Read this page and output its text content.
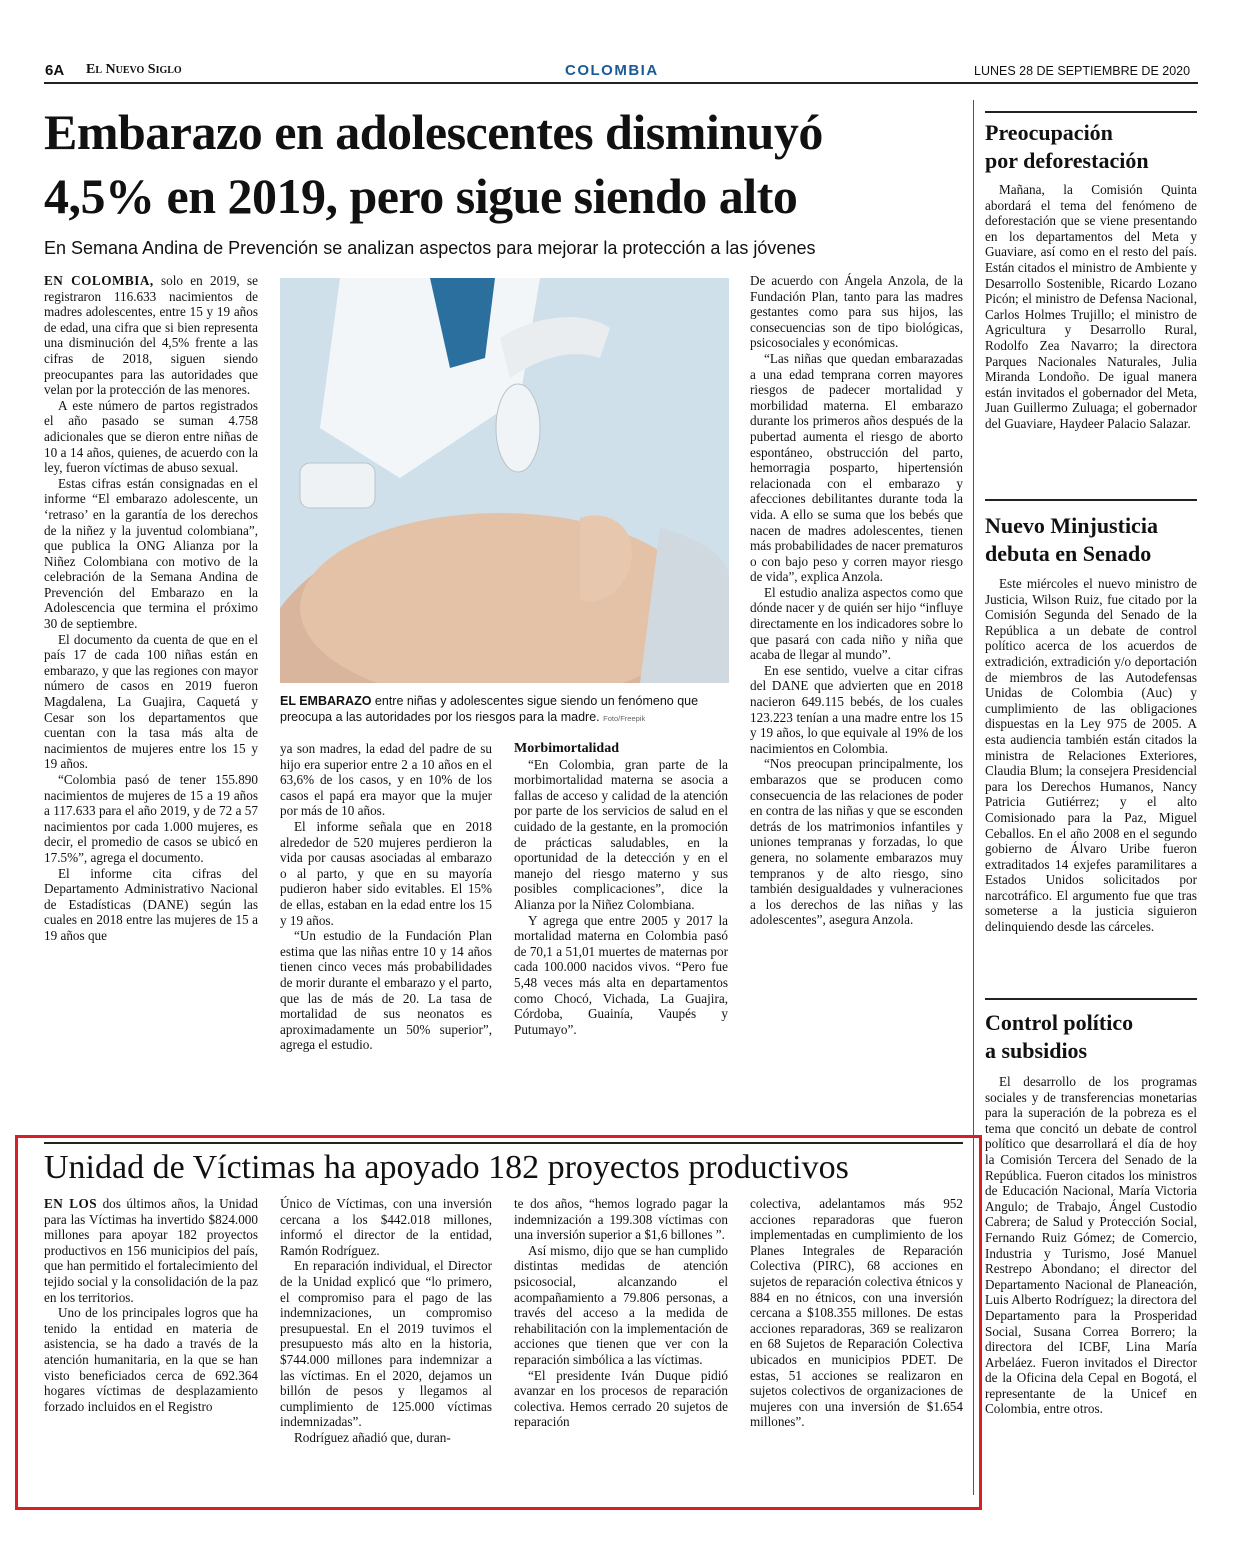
6A El Nuevo Siglo	COLOMBIA	LUNES 28 DE SEPTIEMBRE DE 2020
Embarazo en adolescentes disminuyó
4,5% en 2019, pero sigue siendo alto
En Semana Andina de Prevención se analizan aspectos para mejorar la protección a las jóvenes

EN COLOMBIA, solo en 2019, se registraron 116.633 nacimientos de madres adolescentes, entre 15 y 19 años de edad, una cifra que si bien representa una disminución del 4,5% frente a las cifras de 2018, siguen siendo preocupantes para las autoridades que velan por la protección de las menores.

A este número de partos registrados el año pasado se suman 4.758 adicionales que se dieron entre niñas de 10 a 14 años, quienes, de acuerdo con la ley, fueron víctimas de abuso sexual.

Estas cifras están consignadas en el informe “El embarazo adolescente, un ‘retraso’ en la garantía de los derechos de la niñez y la juventud colombiana”, que publica la ONG Alianza por la Niñez Colombiana con motivo de la celebración de la Semana Andina de Prevención del Embarazo en la Adolescencia que termina el próximo 30 de septiembre.

El documento da cuenta de que en el país 17 de cada 100 niñas están en embarazo, y que las regiones con mayor número de casos en 2019 fueron Magdalena, La Guajira, Caquetá y Cesar son los departamentos que cuentan con la tasa más alta de nacimientos de mujeres entre los 15 y 19 años.

“Colombia pasó de tener 155.890 nacimientos de mujeres de 15 a 19 años a 117.633 para el año 2019, y de 72 a 57 nacimientos por cada 1.000 mujeres, es decir, el promedio de casos se ubicó en 17.5%”, agrega el documento.

El informe cita cifras del Departamento Administrativo Nacional de Estadísticas (DANE) según las cuales en 2018 entre las mujeres de 15 a 19 años que

EL EMBARAZO entre niñas y adolescentes sigue siendo un fenómeno que preocupa a las autoridades por los riesgos para la madre. Foto/Freepik

ya son madres, la edad del padre de su hijo era superior entre 2 a 10 años en el 63,6% de los casos, y en 10% de los casos el papá era mayor que la mujer por más de 10 años.

El informe señala que en 2018 alrededor de 520 mujeres perdieron la vida por causas asociadas al embarazo o al parto, y que en su mayoría pudieron haber sido evitables. El 15% de ellas, estaban en la edad entre los 15 y 19 años.

“Un estudio de la Fundación Plan estima que las niñas entre 10 y 14 años tienen cinco veces más probabilidades de morir durante el embarazo y el parto, que las de más de 20. La tasa de mortalidad de sus neonatos es aproximadamente un 50% superior”, agrega el estudio.

Morbimortalidad

“En Colombia, gran parte de la morbimortalidad materna se asocia a fallas de acceso y calidad de la atención por parte de los servicios de salud en el cuidado de la gestante, en la promoción de prácticas saludables, en la oportunidad de la detección y en el manejo del riesgo materno y sus posibles complicaciones”, dice la Alianza por la Niñez Colombiana.

Y agrega que entre 2005 y 2017 la mortalidad materna en Colombia pasó de 70,1 a 51,01 muertes de maternas por cada 100.000 nacidos vivos. “Pero fue 5,48 veces más alta en departamentos como Chocó, Vichada, La Guajira, Córdoba, Guainía, Vaupés y Putumayo”.

De acuerdo con Ángela Anzola, de la Fundación Plan, tanto para las madres gestantes como para sus hijos, las consecuencias son de tipo biológicas, psicosociales y económicas.

“Las niñas que quedan embarazadas a una edad temprana corren mayores riesgos de padecer mortalidad y morbilidad materna. El embarazo durante los primeros años después de la pubertad aumenta el riesgo de aborto espontáneo, obstrucción del parto, hemorragia posparto, hipertensión relacionada con el embarazo y afecciones debilitantes durante toda la vida. A ello se suma que los bebés que nacen de madres adolescentes, tienen más probabilidades de nacer prematuros o con bajo peso y corren mayor riesgo de vida”, explica Anzola.

El estudio analiza aspectos como que dónde nacer y de quién ser hijo “influye directamente en los indicadores sobre lo que pasará con cada niño y niña que acaba de llegar al mundo”.

En ese sentido, vuelve a citar cifras del DANE que advierten que en 2018 nacieron 649.115 bebés, de los cuales 123.223 tenían a una madre entre los 15 y 19 años, lo que equivale al 19% de los nacimientos en Colombia.

“Nos preocupan principalmente, los embarazos que se producen como consecuencia de las relaciones de poder en contra de las niñas y que se esconden detrás de los matrimonios infantiles y uniones tempranas y forzadas, lo que genera, no solamente embarazos muy tempranos y de alto riesgo, sino también desigualdades y vulneraciones a los derechos de las niñas y las adolescentes”, asegura Anzola.

Preocupación
por deforestación

Mañana, la Comisión Quinta abordará el tema del fenómeno de deforestación que se viene presentando en los departamentos del Meta y Guaviare, así como en el resto del país. Están citados el ministro de Ambiente y Desarrollo Sostenible, Ricardo Lozano Picón; el ministro de Defensa Nacional, Carlos Holmes Trujillo; el ministro de Agricultura y Desarrollo Rural, Rodolfo Zea Navarro; la directora Parques Nacionales Naturales, Julia Miranda Londoño. De igual manera están invitados el gobernador del Meta, Juan Guillermo Zuluaga; el gobernador del Guaviare, Haydeer Palacio Salazar.

Nuevo Minjusticia
debuta en Senado

Este miércoles el nuevo ministro de Justicia, Wilson Ruiz, fue citado por la Comisión Segunda del Senado de la República a un debate de control político acerca de los acuerdos de extradición, extradición y/o deportación de miembros de las Autodefensas Unidas de Colombia (Auc) y cumplimiento de las obligaciones dispuestas en la Ley 975 de 2005. A esta audiencia también están citados la ministra de Relaciones Exteriores, Claudia Blum; la consejera Presidencial para los Derechos Humanos, Nancy Patricia Gutiérrez; y el alto Comisionado para la Paz, Miguel Ceballos. En el año 2008 en el segundo gobierno de Álvaro Uribe fueron extraditados 14 exjefes paramilitares a Estados Unidos solicitados por narcotráfico. El argumento fue que tras someterse a la justicia siguieron delinquiendo desde las cárceles.

Control político
a subsidios

El desarrollo de los programas sociales y de transferencias monetarias para la superación de la pobreza es el tema que concitó un debate de control político que desarrollará el día de hoy la Comisión Tercera del Senado de la República. Fueron citados los ministros de Educación Nacional, María Victoria Angulo; de Trabajo, Ángel Custodio Cabrera; de Salud y Protección Social, Fernando Ruiz Gómez; de Comercio, Industria y Turismo, José Manuel Restrepo Abondano; el director del Departamento Nacional de Planeación, Luis Alberto Rodríguez; la directora del Departamento para la Prosperidad Social, Susana Correa Borrero; la directora del ICBF, Lina María Arbeláez. Fueron invitados el Director de la Oficina dela Cepal en Bogotá, el representante de la Unicef en Colombia, entre otros.

Unidad de Víctimas ha apoyado 182 proyectos productivos

EN LOS dos últimos años, la Unidad para las Víctimas ha invertido $824.000 millones para apoyar 182 proyectos productivos en 156 municipios del país, que han permitido el fortalecimiento del tejido social y la consolidación de la paz en los territorios.

Uno de los principales logros que ha tenido la entidad en materia de asistencia, se ha dado a través de la atención humanitaria, en la que se han visto beneficiados cerca de 692.364 hogares víctimas de desplazamiento forzado incluidos en el Registro

Único de Víctimas, con una inversión cercana a los $442.018 millones, informó el director de la entidad, Ramón Rodríguez.

En reparación individual, el Director de la Unidad explicó que “lo primero, el compromiso para el pago de las indemnizaciones, un compromiso presupuestal. En el 2019 tuvimos el presupuesto más alto en la historia, $744.000 millones para indemnizar a las víctimas. En el 2020, dejamos un billón de pesos y llegamos al cumplimiento de 125.000 víctimas indemnizadas”.

Rodríguez añadió que, duran-

te dos años, “hemos logrado pagar la indemnización a 199.308 víctimas con una inversión superior a $1,6 billones ”.

Así mismo, dijo que se han cumplido distintas medidas de atención psicosocial, alcanzando el acompañamiento a 79.806 personas, a través del acceso a la medida de rehabilitación con la implementación de acciones que tienen que ver con la reparación simbólica a las víctimas.

“El presidente Iván Duque pidió avanzar en los procesos de reparación colectiva. Hemos cerrado 20 sujetos de reparación

colectiva, adelantamos más 952 acciones reparadoras que fueron implementadas en cumplimiento de los Planes Integrales de Reparación Colectiva (PIRC), 68 acciones en sujetos de reparación colectiva étnicos y 884 en no étnicos, con una inversión cercana a $108.355 millones. De estas acciones reparadoras, 369 se realizaron en 68 Sujetos de Reparación Colectiva ubicados en municipios PDET. De estas, 51 acciones se realizaron en sujetos colectivos de organizaciones de mujeres con una inversión de $1.654 millones”.
